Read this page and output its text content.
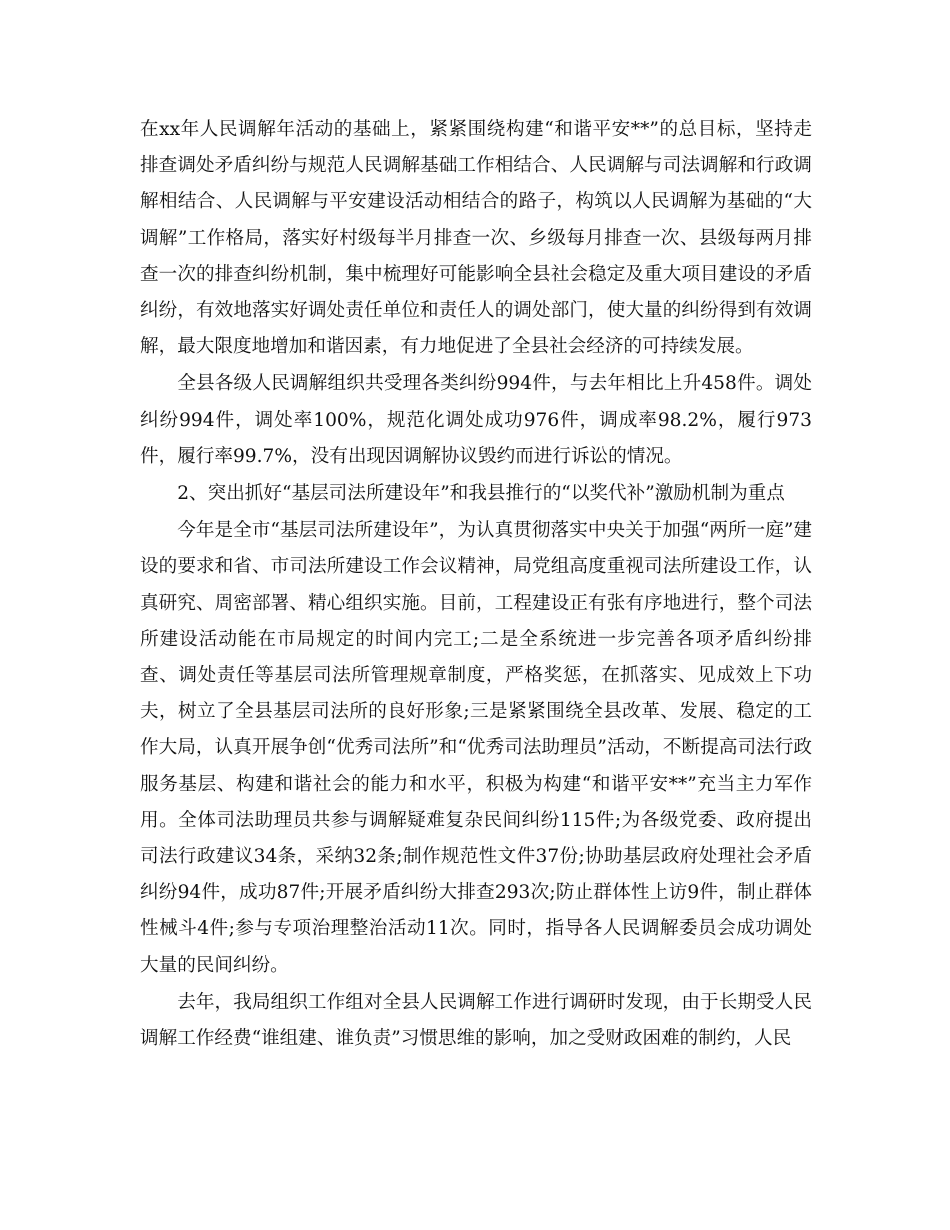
在xx年人民调解年活动的基础上，紧紧围绕构建“和谐平安**”的总目标，坚持走排查调处矛盾纠纷与规范人民调解基础工作相结合、人民调解与司法调解和行政调解相结合、人民调解与平安建设活动相结合的路子，构筑以人民调解为基础的“大调解”工作格局，落实好村级每半月排查一次、乡级每月排查一次、县级每两月排查一次的排查纠纷机制，集中梳理好可能影响全县社会稳定及重大项目建设的矛盾纠纷，有效地落实好调处责任单位和责任人的调处部门，使大量的纠纷得到有效调解，最大限度地增加和谐因素，有力地促进了全县社会经济的可持续发展。

全县各级人民调解组织共受理各类纠纷994件，与去年相比上升458件。调处纠纷994件，调处率100%，规范化调处成功976件，调成率98.2%，履行973件，履行率99.7%，没有出现因调解协议毁约而进行诉讼的情况。

2、突出抓好“基层司法所建设年”和我县推行的“以奖代补”激励机制为重点

今年是全市“基层司法所建设年”，为认真贯彻落实中央关于加强“两所一庭”建设的要求和省、市司法所建设工作会议精神，局党组高度重视司法所建设工作，认真研究、周密部署、精心组织实施。目前，工程建设正有张有序地进行，整个司法所建设活动能在市局规定的时间内完工;二是全系统进一步完善各项矛盾纠纷排查、调处责任等基层司法所管理规章制度，严格奖惩，在抓落实、见成效上下功夫，树立了全县基层司法所的良好形象;三是紧紧围绕全县改革、发展、稳定的工作大局，认真开展争创“优秀司法所”和“优秀司法助理员”活动，不断提高司法行政服务基层、构建和谐社会的能力和水平，积极为构建“和谐平安**”充当主力军作用。全体司法助理员共参与调解疑难复杂民间纠纷115件;为各级党委、政府提出司法行政建议34条，采纳32条;制作规范性文件37份;协助基层政府处理社会矛盾纠纷94件，成功87件;开展矛盾纠纷大排查293次;防止群体性上访9件，制止群体性械斗4件;参与专项治理整治活动11次。同时，指导各人民调解委员会成功调处大量的民间纠纷。

去年，我局组织工作组对全县人民调解工作进行调研时发现，由于长期受人民调解工作经费“谁组建、谁负责”习惯思维的影响，加之受财政困难的制约，人民
